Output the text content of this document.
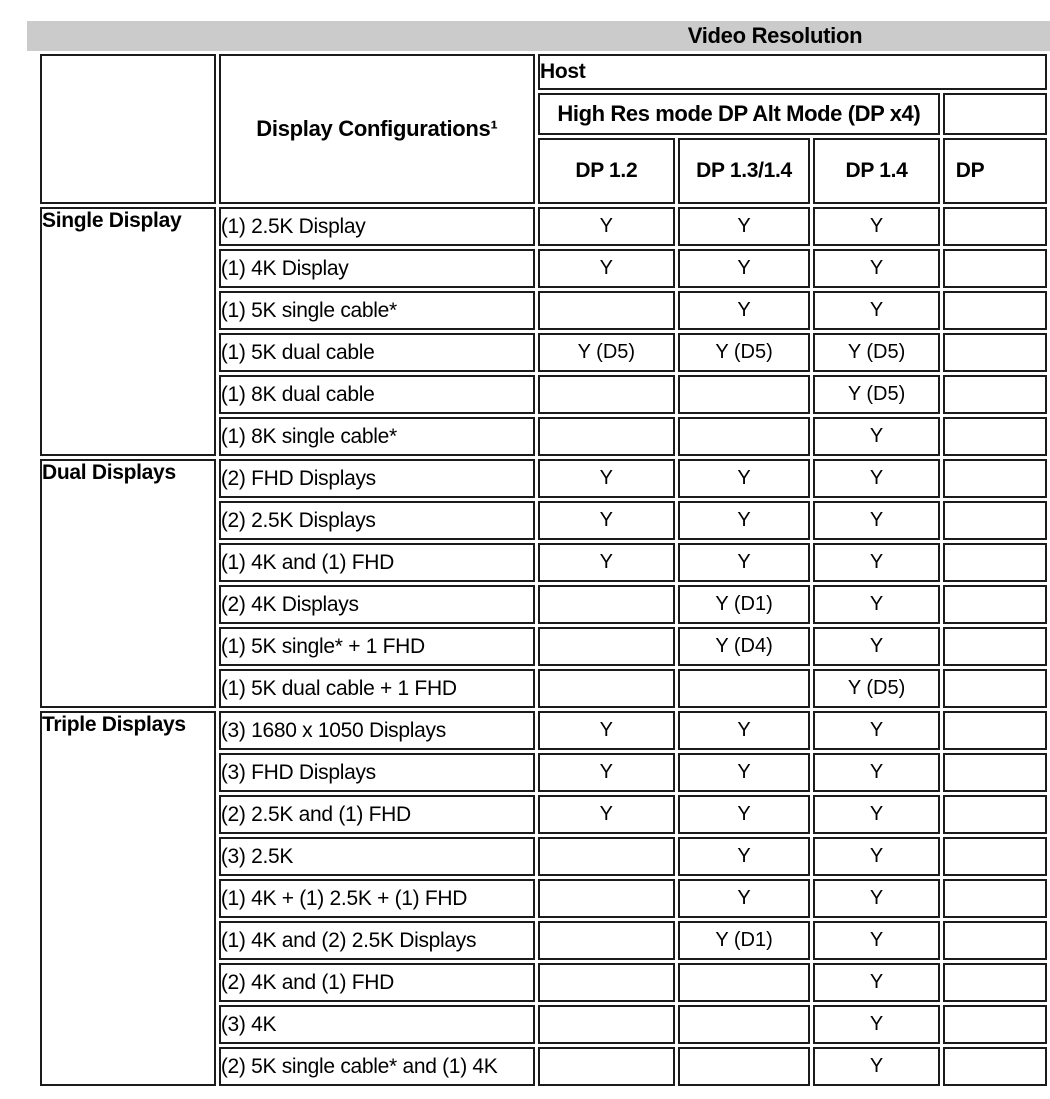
Video Resolution
	Display Configurations¹	Host			
		High Res mode DP Alt Mode (DP x4)			
		DP 1.2	DP 1.3/1.4	DP 1.4	DP
Single Display	(1) 2.5K Display	Y	Y	Y	
	(1) 4K Display	Y	Y	Y	
	(1) 5K single cable*		Y	Y	
	(1) 5K dual cable	Y (D5)	Y (D5)	Y (D5)	
	(1) 8K dual cable			Y (D5)	
	(1) 8K single cable*			Y	
Dual Displays	(2) FHD Displays	Y	Y	Y	
	(2) 2.5K Displays	Y	Y	Y	
	(1) 4K and (1) FHD	Y	Y	Y	
	(2) 4K Displays		Y (D1)	Y	
	(1) 5K single* + 1 FHD		Y (D4)	Y	
	(1) 5K dual cable + 1 FHD			Y (D5)	
Triple Displays	(3) 1680 x 1050 Displays	Y	Y	Y	
	(3) FHD Displays	Y	Y	Y	
	(2) 2.5K and (1) FHD	Y	Y	Y	
	(3) 2.5K		Y	Y	
	(1) 4K + (1) 2.5K + (1) FHD		Y	Y	
	(1) 4K and (2) 2.5K Displays		Y (D1)	Y	
	(2) 4K and (1) FHD			Y	
	(3) 4K			Y	
	(2) 5K single cable* and (1) 4K			Y	
